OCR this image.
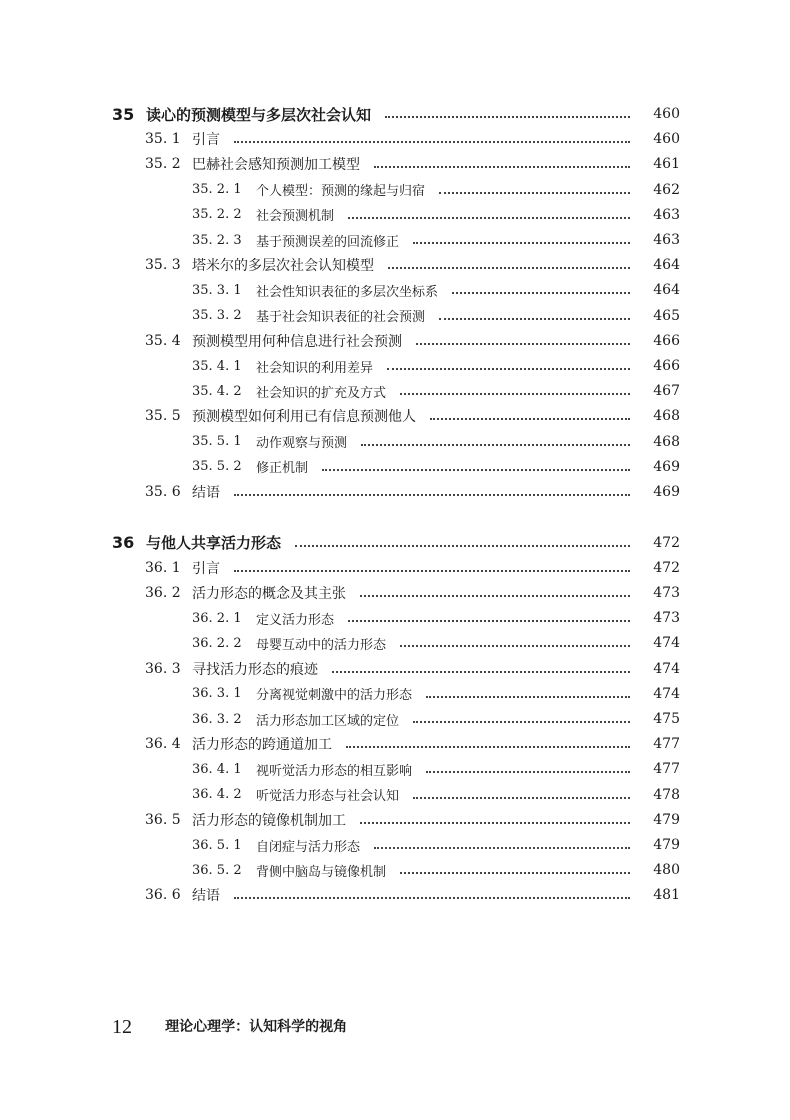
35 读心的预测模型与多层次社会认知	460
35. 1 引言	460
35. 2 巴赫社会感知预测加工模型	461
35. 2. 1 个人模型：预测的缘起与归宿	462
35. 2. 2 社会预测机制	463
35. 2. 3 基于预测误差的回流修正	463
35. 3 塔米尔的多层次社会认知模型	464
35. 3. 1 社会性知识表征的多层次坐标系	464
35. 3. 2 基于社会知识表征的社会预测	465
35. 4 预测模型用何种信息进行社会预测	466
35. 4. 1 社会知识的利用差异	466
35. 4. 2 社会知识的扩充及方式	467
35. 5 预测模型如何利用已有信息预测他人	468
35. 5. 1 动作观察与预测	468
35. 5. 2 修正机制	469
35. 6 结语	469
36 与他人共享活力形态	472
36. 1 引言	472
36. 2 活力形态的概念及其主张	473
36. 2. 1 定义活力形态	473
36. 2. 2 母婴互动中的活力形态	474
36. 3 寻找活力形态的痕迹	474
36. 3. 1 分离视觉刺激中的活力形态	474
36. 3. 2 活力形态加工区域的定位	475
36. 4 活力形态的跨通道加工	477
36. 4. 1 视听觉活力形态的相互影响	477
36. 4. 2 听觉活力形态与社会认知	478
36. 5 活力形态的镜像机制加工	479
36. 5. 1 自闭症与活力形态	479
36. 5. 2 背侧中脑岛与镜像机制	480
36. 6 结语	481
12 理论心理学：认知科学的视角
